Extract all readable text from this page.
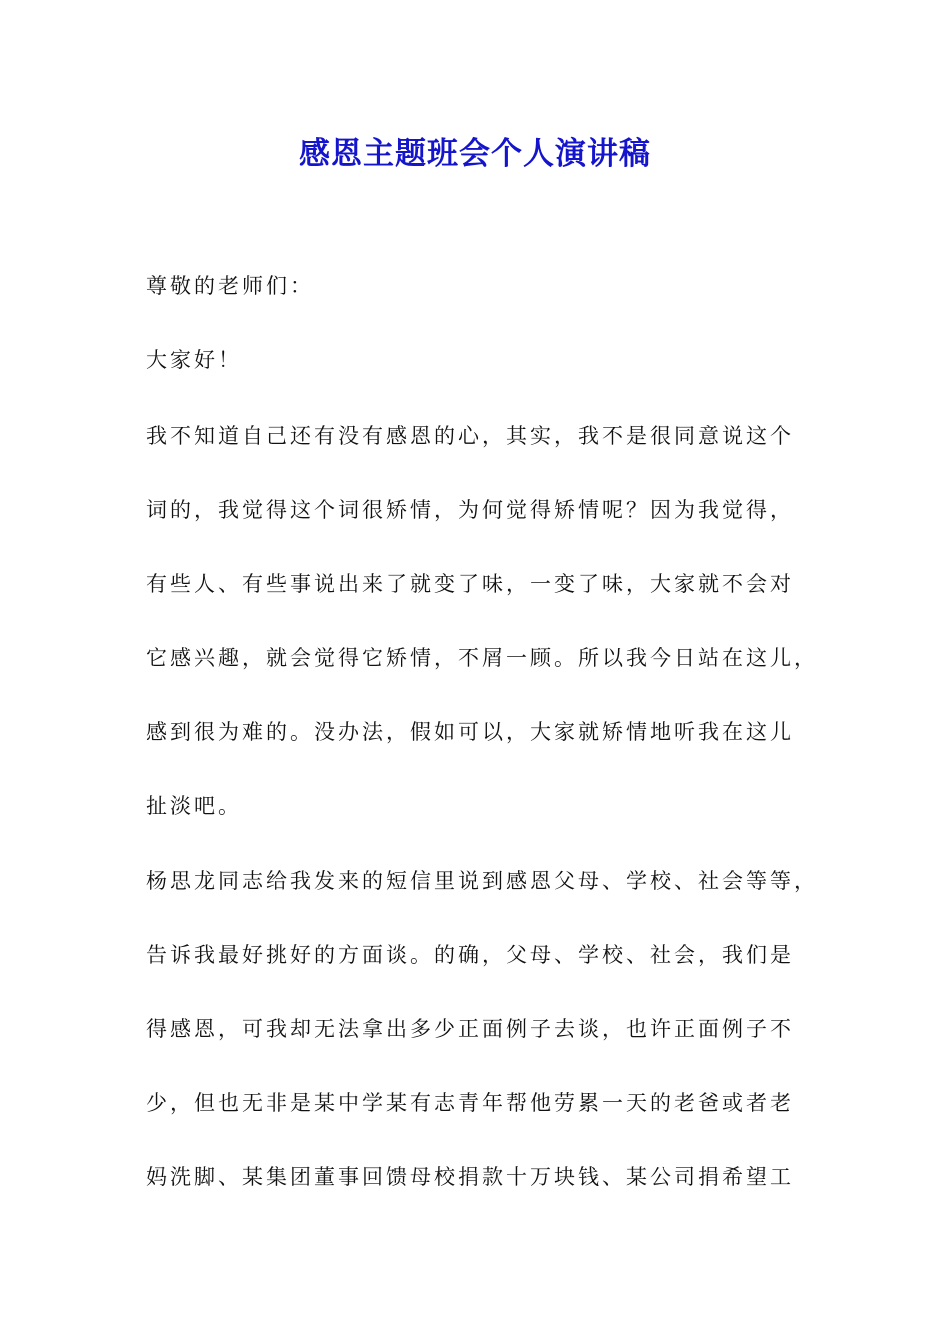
感恩主题班会个人演讲稿
尊敬的老师们：
大家好！
我不知道自己还有没有感恩的心，其实，我不是很同意说这个
词的，我觉得这个词很矫情，为何觉得矫情呢？因为我觉得，
有些人、有些事说出来了就变了味，一变了味，大家就不会对
它感兴趣，就会觉得它矫情，不屑一顾。所以我今日站在这儿，
感到很为难的。没办法，假如可以，大家就矫情地听我在这儿
扯淡吧。
杨思龙同志给我发来的短信里说到感恩父母、学校、社会等等，
告诉我最好挑好的方面谈。的确，父母、学校、社会，我们是
得感恩，可我却无法拿出多少正面例子去谈，也许正面例子不
少，但也无非是某中学某有志青年帮他劳累一天的老爸或者老
妈洗脚、某集团董事回馈母校捐款十万块钱、某公司捐希望工
